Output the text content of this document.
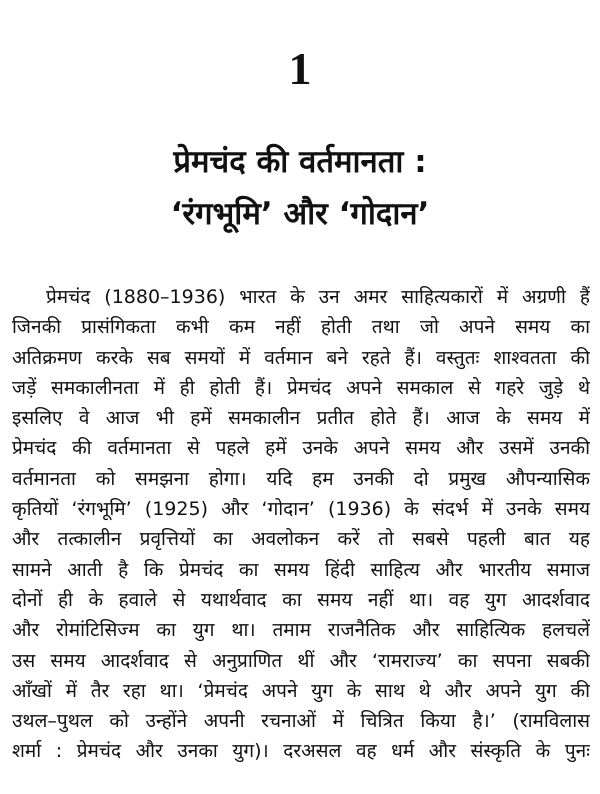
1
प्रेमचंद की वर्तमानता :
‘रंगभूमि’ और ‘गोदान’
प्रेमचंद (1880–1936) भारत के उन अमर साहित्यकारों में अग्रणी हैं
जिनकी प्रासंगिकता कभी कम नहीं होती तथा जो अपने समय का
अतिक्रमण करके सब समयों में वर्तमान बने रहते हैं। वस्तुतः शाश्वतता की
जड़ें समकालीनता में ही होती हैं। प्रेमचंद अपने समकाल से गहरे जुड़े थे
इसलिए वे आज भी हमें समकालीन प्रतीत होते हैं। आज के समय में
प्रेमचंद की वर्तमानता से पहले हमें उनके अपने समय और उसमें उनकी
वर्तमानता को समझना होगा। यदि हम उनकी दो प्रमुख औपन्यासिक
कृतियों ‘रंगभूमि’ (1925) और ‘गोदान’ (1936) के संदर्भ में उनके समय
और तत्कालीन प्रवृत्तियों का अवलोकन करें तो सबसे पहली बात यह
सामने आती है कि प्रेमचंद का समय हिंदी साहित्य और भारतीय समाज
दोनों ही के हवाले से यथार्थवाद का समय नहीं था। वह युग आदर्शवाद
और रोमांटिसिज्म का युग था। तमाम राजनैतिक और साहित्यिक हलचलें
उस समय आदर्शवाद से अनुप्राणित थीं और ‘रामराज्य’ का सपना सबकी
आँखों में तैर रहा था। ‘प्रेमचंद अपने युग के साथ थे और अपने युग की
उथल–पुथल को उन्होंने अपनी रचनाओं में चित्रित किया है।’ (रामविलास
शर्मा : प्रेमचंद और उनका युग)। दरअसल वह धर्म और संस्कृति के पुनः
